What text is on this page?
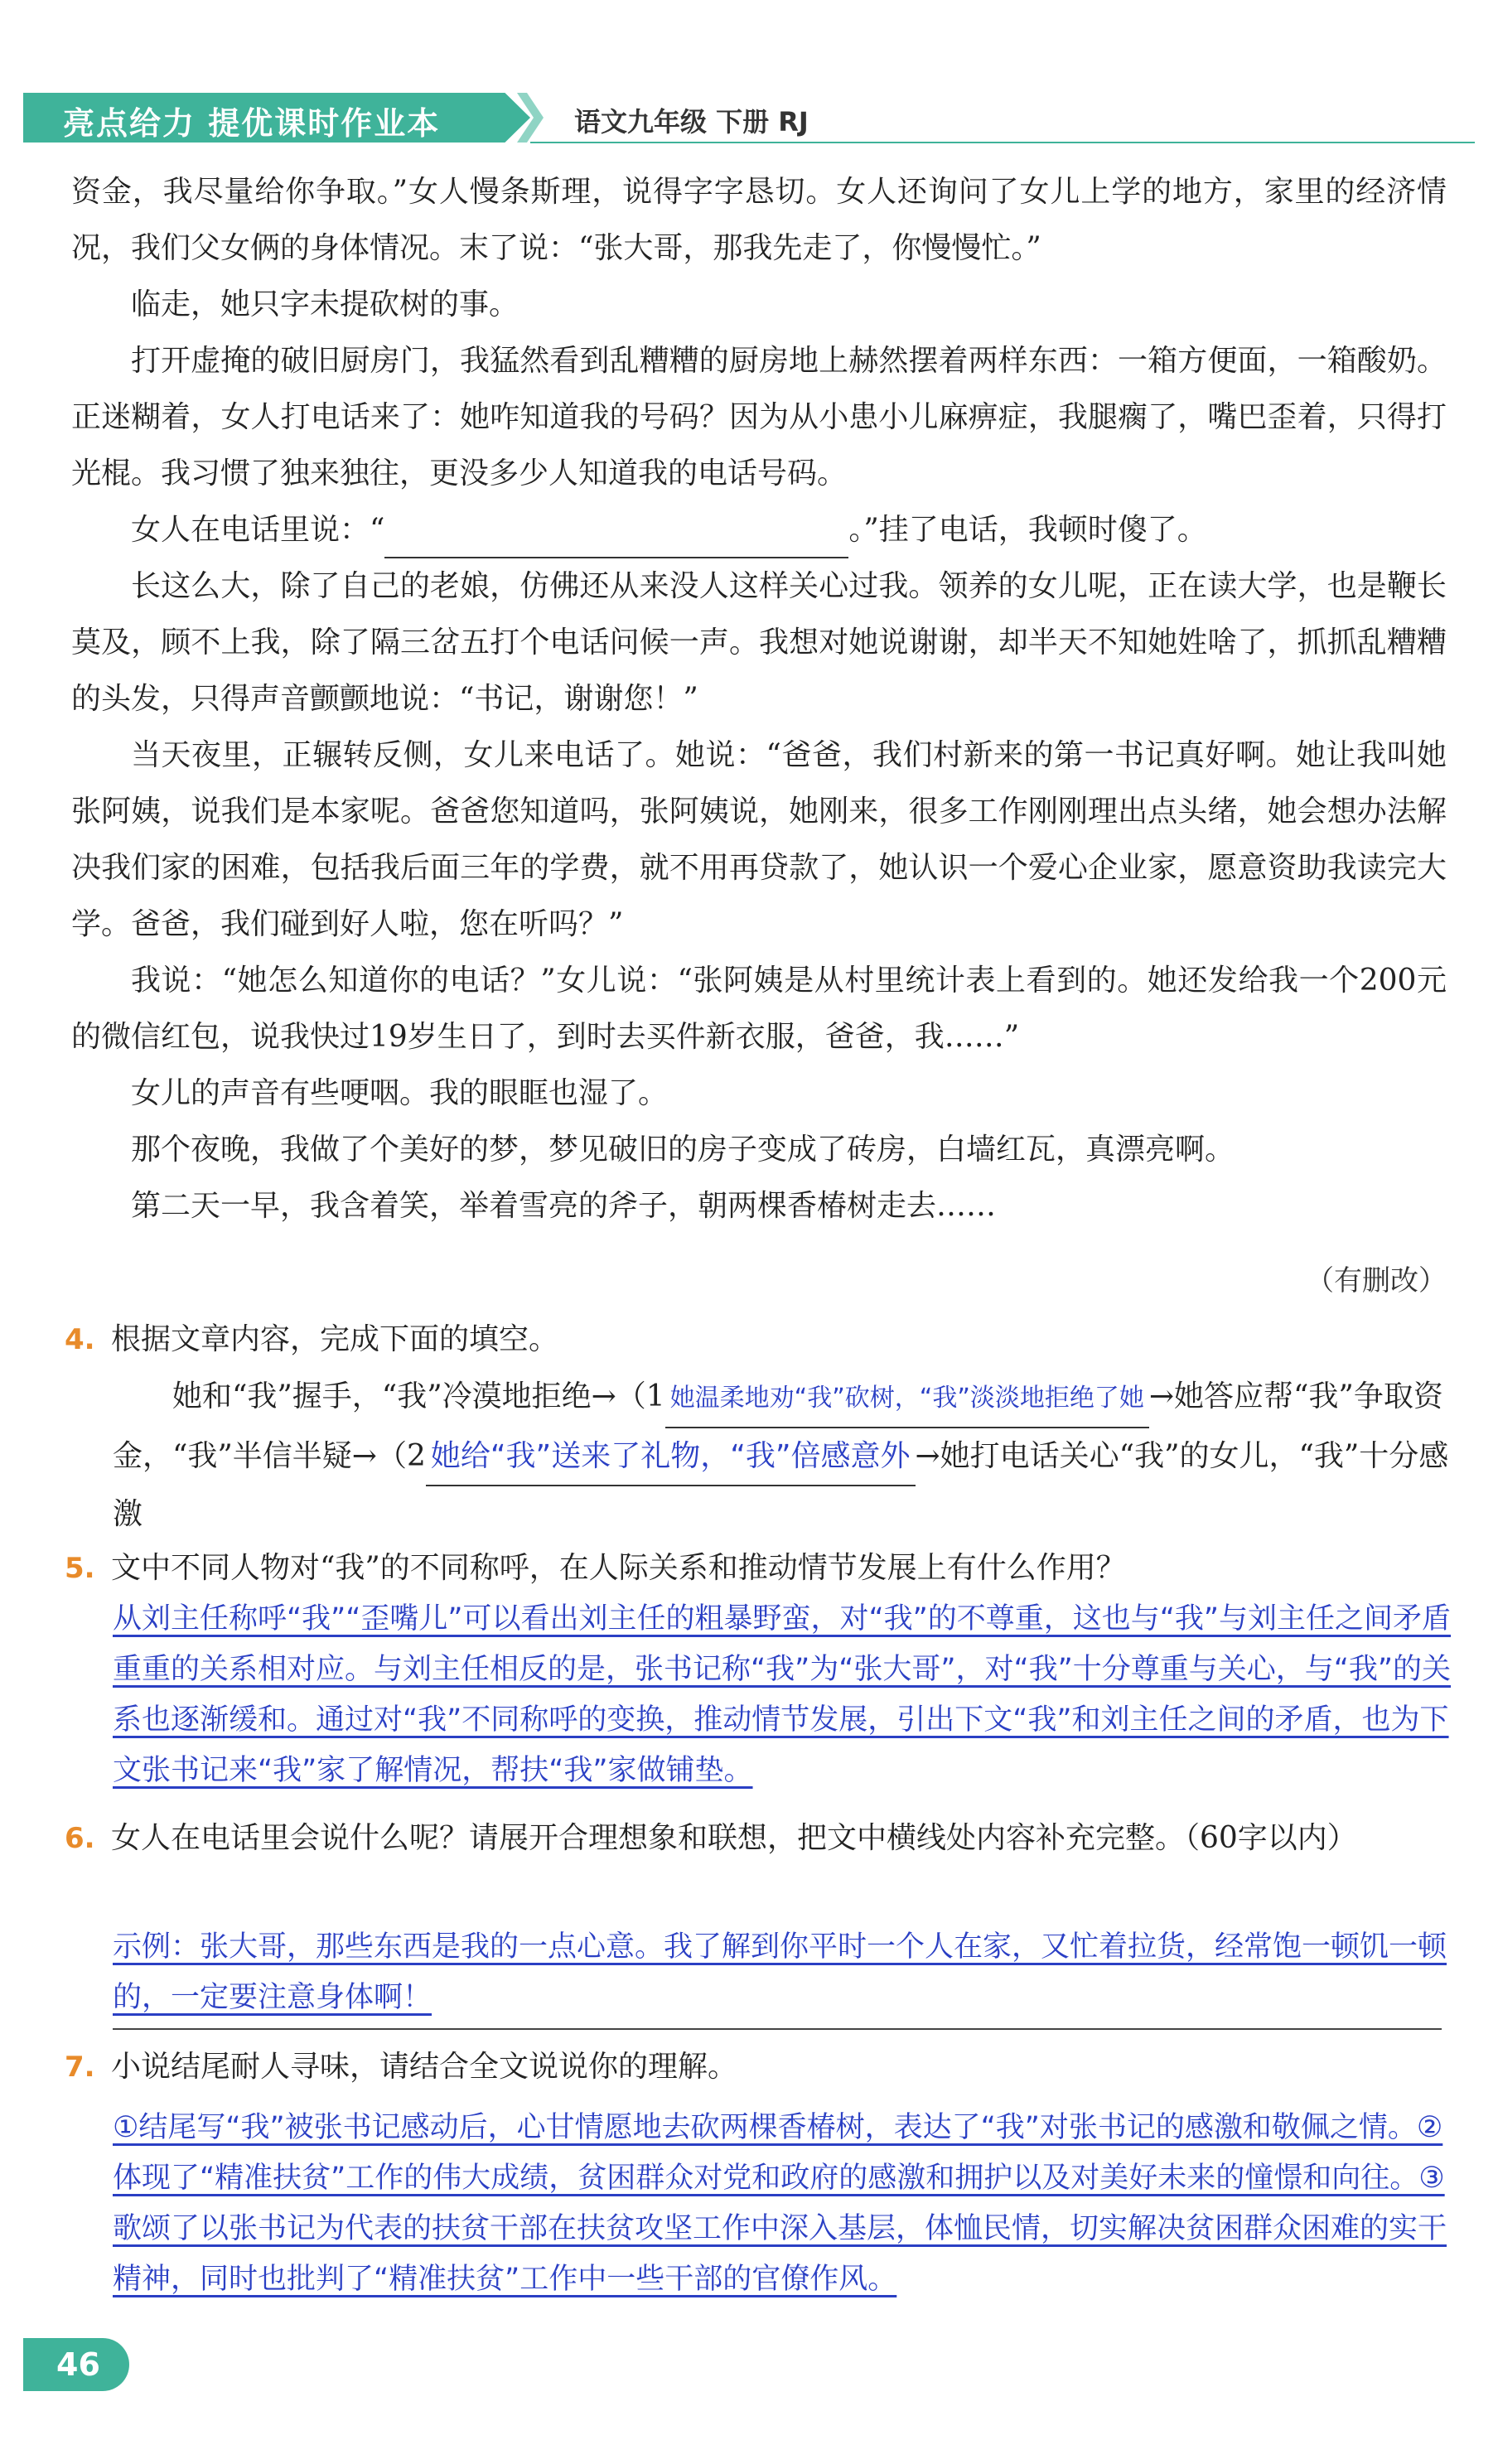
亮点给力 提优课时作业本	语文九年级 下册 RJ

资金，我尽量给你争取。”女人慢条斯理，说得字字恳切。女人还询问了女儿上学的地方，家里的经济情况，我们父女俩的身体情况。末了说：“张大哥，那我先走了，你慢慢忙。”

临走，她只字未提砍树的事。

打开虚掩的破旧厨房门，我猛然看到乱糟糟的厨房地上赫然摆着两样东西：一箱方便面，一箱酸奶。正迷糊着，女人打电话来了：她咋知道我的号码？因为从小患小儿麻痹症，我腿瘸了，嘴巴歪着，只得打光棍。我习惯了独来独往，更没多少人知道我的电话号码。

女人在电话里说：“	。”挂了电话，我顿时傻了。

长这么大，除了自己的老娘，仿佛还从来没人这样关心过我。领养的女儿呢，正在读大学，也是鞭长莫及，顾不上我，除了隔三岔五打个电话问候一声。我想对她说谢谢，却半天不知她姓啥了，抓抓乱糟糟的头发，只得声音颤颤地说：“书记，谢谢您！”

当天夜里，正辗转反侧，女儿来电话了。她说：“爸爸，我们村新来的第一书记真好啊。她让我叫她张阿姨，说我们是本家呢。爸爸您知道吗，张阿姨说，她刚来，很多工作刚刚理出点头绪，她会想办法解决我们家的困难，包括我后面三年的学费，就不用再贷款了，她认识一个爱心企业家，愿意资助我读完大学。爸爸，我们碰到好人啦，您在听吗？”

我说：“她怎么知道你的电话？”女儿说：“张阿姨是从村里统计表上看到的。她还发给我一个200元的微信红包，说我快过19岁生日了，到时去买件新衣服，爸爸，我……”

女儿的声音有些哽咽。我的眼眶也湿了。

那个夜晚，我做了个美好的梦，梦见破旧的房子变成了砖房，白墙红瓦，真漂亮啊。

第二天一早，我含着笑，举着雪亮的斧子，朝两棵香椿树走去……

（有删改）
4. 根据文章内容，完成下面的填空。
她和“我”握手，“我”冷漠地拒绝→（1 她温柔地劝“我”砍树，“我”淡淡地拒绝了她 →她答应帮“我”争取资金，“我”半信半疑→（2 她给“我”送来了礼物，“我”倍感意外 →她打电话关心“我”的女儿，“我”十分感激
5. 文中不同人物对“我”的不同称呼，在人际关系和推动情节发展上有什么作用？
从刘主任称呼“我”“歪嘴儿”可以看出刘主任的粗暴野蛮，对“我”的不尊重，这也与“我”与刘主任之间矛盾重重的关系相对应。与刘主任相反的是，张书记称“我”为“张大哥”，对“我”十分尊重与关心，与“我”的关系也逐渐缓和。通过对“我”不同称呼的变换，推动情节发展，引出下文“我”和刘主任之间的矛盾，也为下文张书记来“我”家了解情况，帮扶“我”家做铺垫。
6. 女人在电话里会说什么呢？请展开合理想象和联想，把文中横线处内容补充完整。（60字以内）
示例：张大哥，那些东西是我的一点心意。我了解到你平时一个人在家，又忙着拉货，经常饱一顿饥一顿的，一定要注意身体啊！
7. 小说结尾耐人寻味，请结合全文说说你的理解。
①结尾写“我”被张书记感动后，心甘情愿地去砍两棵香椿树，表达了“我”对张书记的感激和敬佩之情。②体现了“精准扶贫”工作的伟大成绩，贫困群众对党和政府的感激和拥护以及对美好未来的憧憬和向往。③歌颂了以张书记为代表的扶贫干部在扶贫攻坚工作中深入基层，体恤民情，切实解决贫困群众困难的实干精神，同时也批判了“精准扶贫”工作中一些干部的官僚作风。
46
